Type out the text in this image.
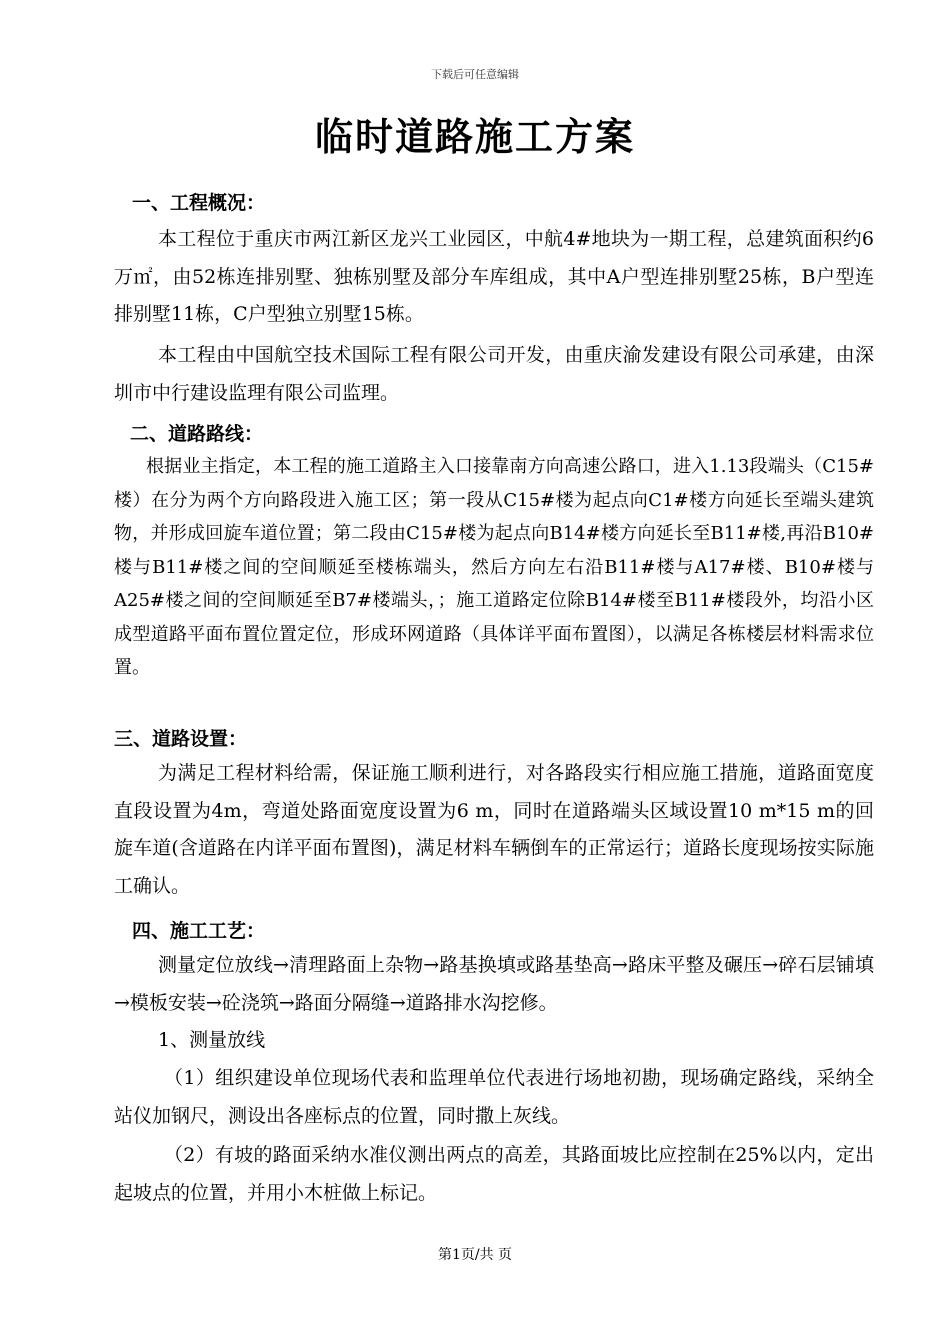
下载后可任意编辑
临时道路施工方案
一、工程概况：

本工程位于重庆市两江新区龙兴工业园区，中航4#地块为一期工程，总建筑面积约6万㎡，由52栋连排别墅、独栋别墅及部分车库组成，其中A户型连排别墅25栋，B户型连排别墅11栋，C户型独立别墅15栋。

本工程由中国航空技术国际工程有限公司开发，由重庆渝发建设有限公司承建，由深圳市中行建设监理有限公司监理。

二、道路路线：

根据业主指定，本工程的施工道路主入口接靠南方向高速公路口，进入1.13段端头（C15#楼）在分为两个方向路段进入施工区；第一段从C15#楼为起点向C1#楼方向延长至端头建筑物，并形成回旋车道位置；第二段由C15#楼为起点向B14#楼方向延长至B11#楼,再沿B10#楼与B11#楼之间的空间顺延至楼栋端头，然后方向左右沿B11#楼与A17#楼、B10#楼与A25#楼之间的空间顺延至B7#楼端头，；施工道路定位除B14#楼至B11#楼段外，均沿小区成型道路平面布置位置定位，形成环网道路（具体详平面布置图），以满足各栋楼层材料需求位置。

三、道路设置：

为满足工程材料给需，保证施工顺利进行，对各路段实行相应施工措施，道路面宽度直段设置为4m，弯道处路面宽度设置为6 m，同时在道路端头区域设置10 m*15 m的回旋车道(含道路在内详平面布置图)，满足材料车辆倒车的正常运行；道路长度现场按实际施工确认。

四、施工工艺：

测量定位放线→清理路面上杂物→路基换填或路基垫高→路床平整及碾压→碎石层铺填→模板安装→砼浇筑→路面分隔缝→道路排水沟挖修。

1、测量放线

（1）组织建设单位现场代表和监理单位代表进行场地初勘，现场确定路线，采纳全站仪加钢尺，测设出各座标点的位置，同时撒上灰线。

（2）有坡的路面采纳水准仪测出两点的高差，其路面坡比应控制在25%以内，定出起坡点的位置，并用小木桩做上标记。

第1页/共 页
